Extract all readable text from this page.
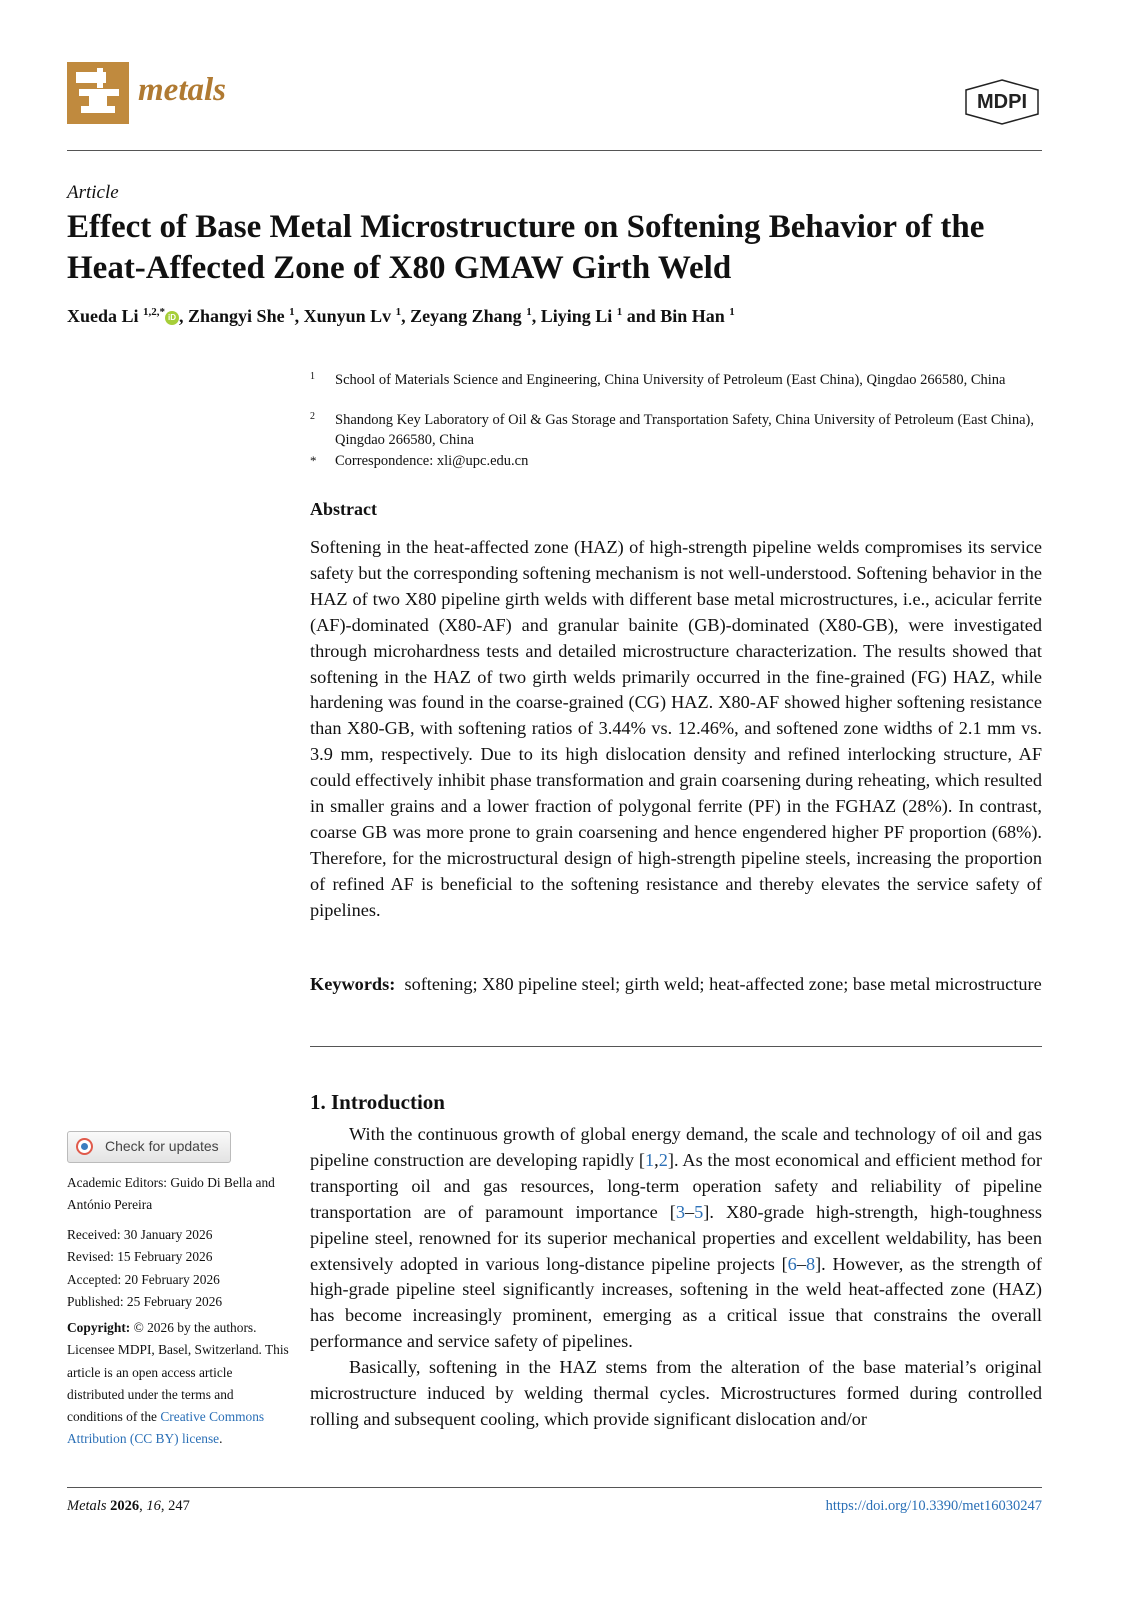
metals	MDPI
Article
Effect of Base Metal Microstructure on Softening Behavior of the Heat-Affected Zone of X80 GMAW Girth Weld
Xueda Li $^{1,2,*}$ iD , Zhangyi She $^1$, Xunyun Lv $^1$, Zeyang Zhang $^1$, Liying Li $^1$ and Bin Han $^1$
1 School of Materials Science and Engineering, China University of Petroleum (East China), Qingdao 266580, China
2 Shandong Key Laboratory of Oil & Gas Storage and Transportation Safety, China University of Petroleum (East China), Qingdao 266580, China
* Correspondence: xli@upc.edu.cn
Abstract
Softening in the heat-affected zone (HAZ) of high-strength pipeline welds compromises its service safety but the corresponding softening mechanism is not well-understood. Softening behavior in the HAZ of two X80 pipeline girth welds with different base metal microstructures, i.e., acicular ferrite (AF)-dominated (X80-AF) and granular bainite (GB)-dominated (X80-GB), were investigated through microhardness tests and detailed microstructure characterization. The results showed that softening in the HAZ of two girth welds primarily occurred in the fine-grained (FG) HAZ, while hardening was found in the coarse-grained (CG) HAZ. X80-AF showed higher softening resistance than X80-GB, with softening ratios of 3.44% vs. 12.46%, and softened zone widths of 2.1 mm vs. 3.9 mm, respectively. Due to its high dislocation density and refined interlocking structure, AF could effectively inhibit phase transformation and grain coarsening during reheating, which resulted in smaller grains and a lower fraction of polygonal ferrite (PF) in the FGHAZ (28%). In contrast, coarse GB was more prone to grain coarsening and hence engendered higher PF proportion (68%). Therefore, for the microstructural design of high-strength pipeline steels, increasing the proportion of refined AF is beneficial to the softening resistance and thereby elevates the service safety of pipelines.
Keywords: softening; X80 pipeline steel; girth weld; heat-affected zone; base metal microstructure
1. Introduction

With the continuous growth of global energy demand, the scale and technology of oil and gas pipeline construction are developing rapidly [1,2]. As the most economical and efficient method for transporting oil and gas resources, long-term operation safety and reliability of pipeline transportation are of paramount importance [3–5]. X80-grade high-strength, high-toughness pipeline steel, renowned for its superior mechanical properties and excellent weldability, has been extensively adopted in various long-distance pipeline projects [6–8]. However, as the strength of high-grade pipeline steel significantly increases, softening in the weld heat-affected zone (HAZ) has become increasingly prominent, emerging as a critical issue that constrains the overall performance and service safety of pipelines.

Basically, softening in the HAZ stems from the alteration of the base material’s original microstructure induced by welding thermal cycles. Microstructures formed during controlled rolling and subsequent cooling, which provide significant dislocation and/or

Check for updates
Academic Editors: Guido Di Bella and António Pereira

Received: 30 January 2026

Revised: 15 February 2026

Accepted: 20 February 2026

Published: 25 February 2026

Copyright: © 2026 by the authors. Licensee MDPI, Basel, Switzerland. This article is an open access article distributed under the terms and conditions of the Creative Commons Attribution (CC BY) license.
Metals 2026, 16, 247	https://doi.org/10.3390/met16030247
